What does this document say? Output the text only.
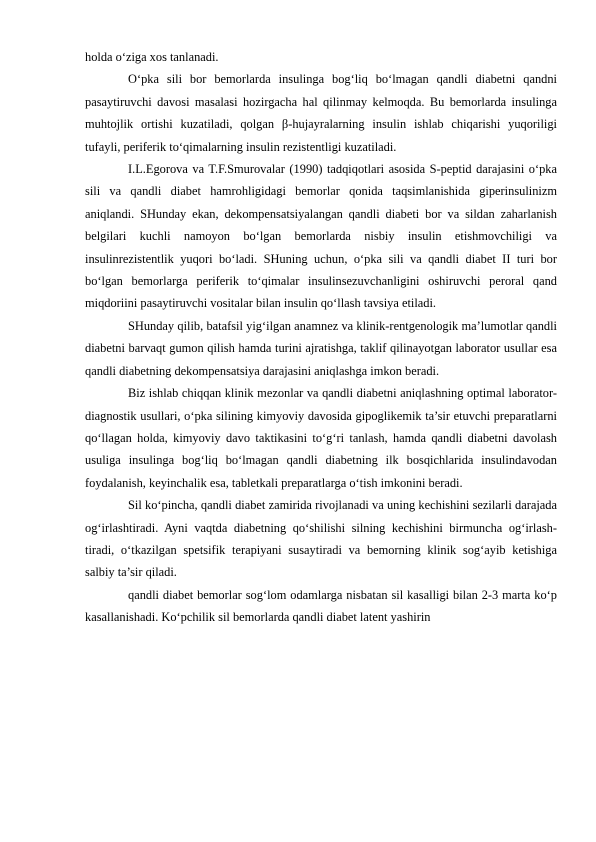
holda o‘ziga xos tanlanadi.

O‘pka sili bor bemorlarda insulinga bog‘liq bo‘lmagan qandli diabetni qandni pasaytiruvchi davosi masalasi hozirgacha hal qilinmay kelmoqda. Bu bemorlarda insulinga muhtojlik ortishi kuzatiladi, qolgan β-hujayralarning insulin ishlab chiqarishi yuqoriligi tufayli, periferik to‘qimalarning insulin rezistentligi kuzatiladi.

I.L.Egorova va T.F.Smurovalar (1990) tadqiqotlari asosida S-peptid darajasini o‘pka sili va qandli diabet hamrohligidagi bemorlar qonida taqsimlanishida giperinsulinizm aniqlandi. SHunday ekan, dekompensatsiyalangan qandli diabeti bor va sildan zaharlanish belgilari kuchli namoyon bo‘lgan bemorlarda nisbiy insulin etishmovchiligi va insulinrezistentlik yuqori bo‘ladi. SHuning uchun, o‘pka sili va qandli diabet II turi bor bo‘lgan bemorlarga periferik to‘qimalar insulinsezuvchanligini oshiruvchi peroral qand miqdoriini pasaytiruvchi vositalar bilan insulin qo‘llash tavsiya etiladi.

SHunday qilib, batafsil yig‘ilgan anamnez va klinik-rentgenologik ma’lumotlar qandli diabetni barvaqt gumon qilish hamda turini ajratishga, taklif qilinayotgan laborator usullar esa qandli diabetning dekompensatsiya darajasini aniqlashga imkon beradi.

Biz ishlab chiqqan klinik mezonlar va qandli diabetni aniqlashning optimal laborator-diagnostik usullari, o‘pka silining kimyoviy davosida gipoglikemik ta’sir etuvchi preparatlarni qo‘llagan holda, kimyoviy davo taktikasini to‘g‘ri tanlash, hamda qandli diabetni davolash usuliga insulinga bog‘liq bo‘lmagan qandli diabetning ilk bosqichlarida insulindavodan foydalanish, keyinchalik esa, tabletkali preparatlarga o‘tish imkonini beradi.

Sil ko‘pincha, qandli diabet zamirida rivojlanadi va uning kechishini sezilarli darajada og‘irlashtiradi. Ayni vaqtda diabetning qo‘shilishi silning kechishini birmuncha og‘irlash-tiradi, o‘tkazilgan spetsifik terapiyani susaytiradi va bemorning klinik sog‘ayib ketishiga salbiy ta’sir qiladi.

qandli diabet bemorlar sog‘lom odamlarga nisbatan sil kasalligi bilan 2-3 marta ko‘p kasallanishadi. Ko‘pchilik sil bemorlarda qandli diabet latent yashirin
